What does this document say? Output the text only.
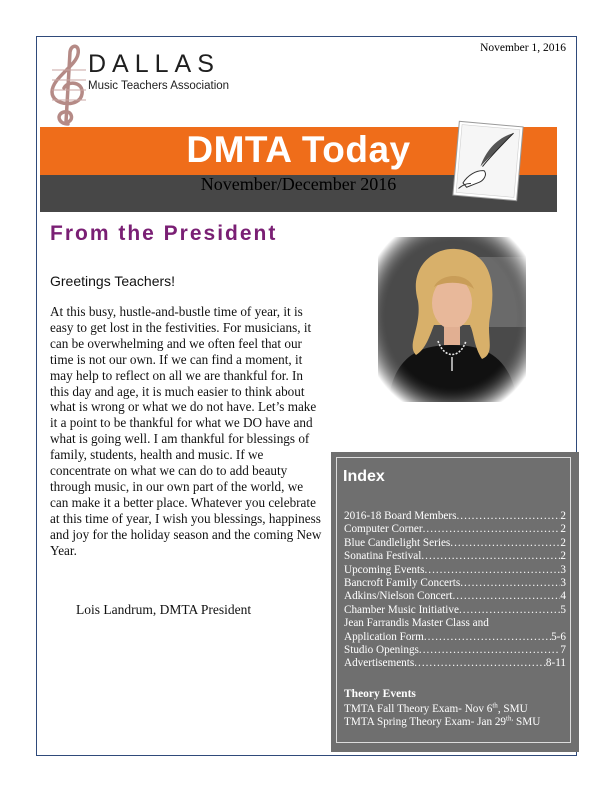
November 1, 2016
DALLAS
Music Teachers Association
DMTA Today
November/December 2016
From the President
Greetings Teachers!

At this busy, hustle-and-bustle time of year, it is easy to get lost in the festivities. For musicians, it can be overwhelming and we often feel that our time is not our own. If we can find a moment, it may help to reflect on all we are thankful for. In this day and age, it is much easier to think about what is wrong or what we do not have. Let’s make it a point to be thankful for what we DO have and what is going well. I am thankful for blessings of family, students, health and music. If we concentrate on what we can do to add beauty through music, in our own part of the world, we can make it a better place. Whatever you celebrate at this time of year, I wish you blessings, happiness and joy for the holiday season and the coming New Year.

Lois Landrum, DMTA President
Index
2016-18 Board Members .....	2
Computer Corner .....	2
Blue Candlelight Series .....	2
Sonatina Festival .....	2
Upcoming Events .....	3
Bancroft Family Concerts .....	3
Adkins/Nielson Concert .....	4
Chamber Music Initiative .....	5
Jean Farrandis Master Class and
Application Form .....	5-6
Studio Openings .....	7
Advertisements .....	8-11
Theory Events
TMTA Fall Theory Exam- Nov 6th, SMU
TMTA Spring Theory Exam- Jan $29^{th,}$ SMU
